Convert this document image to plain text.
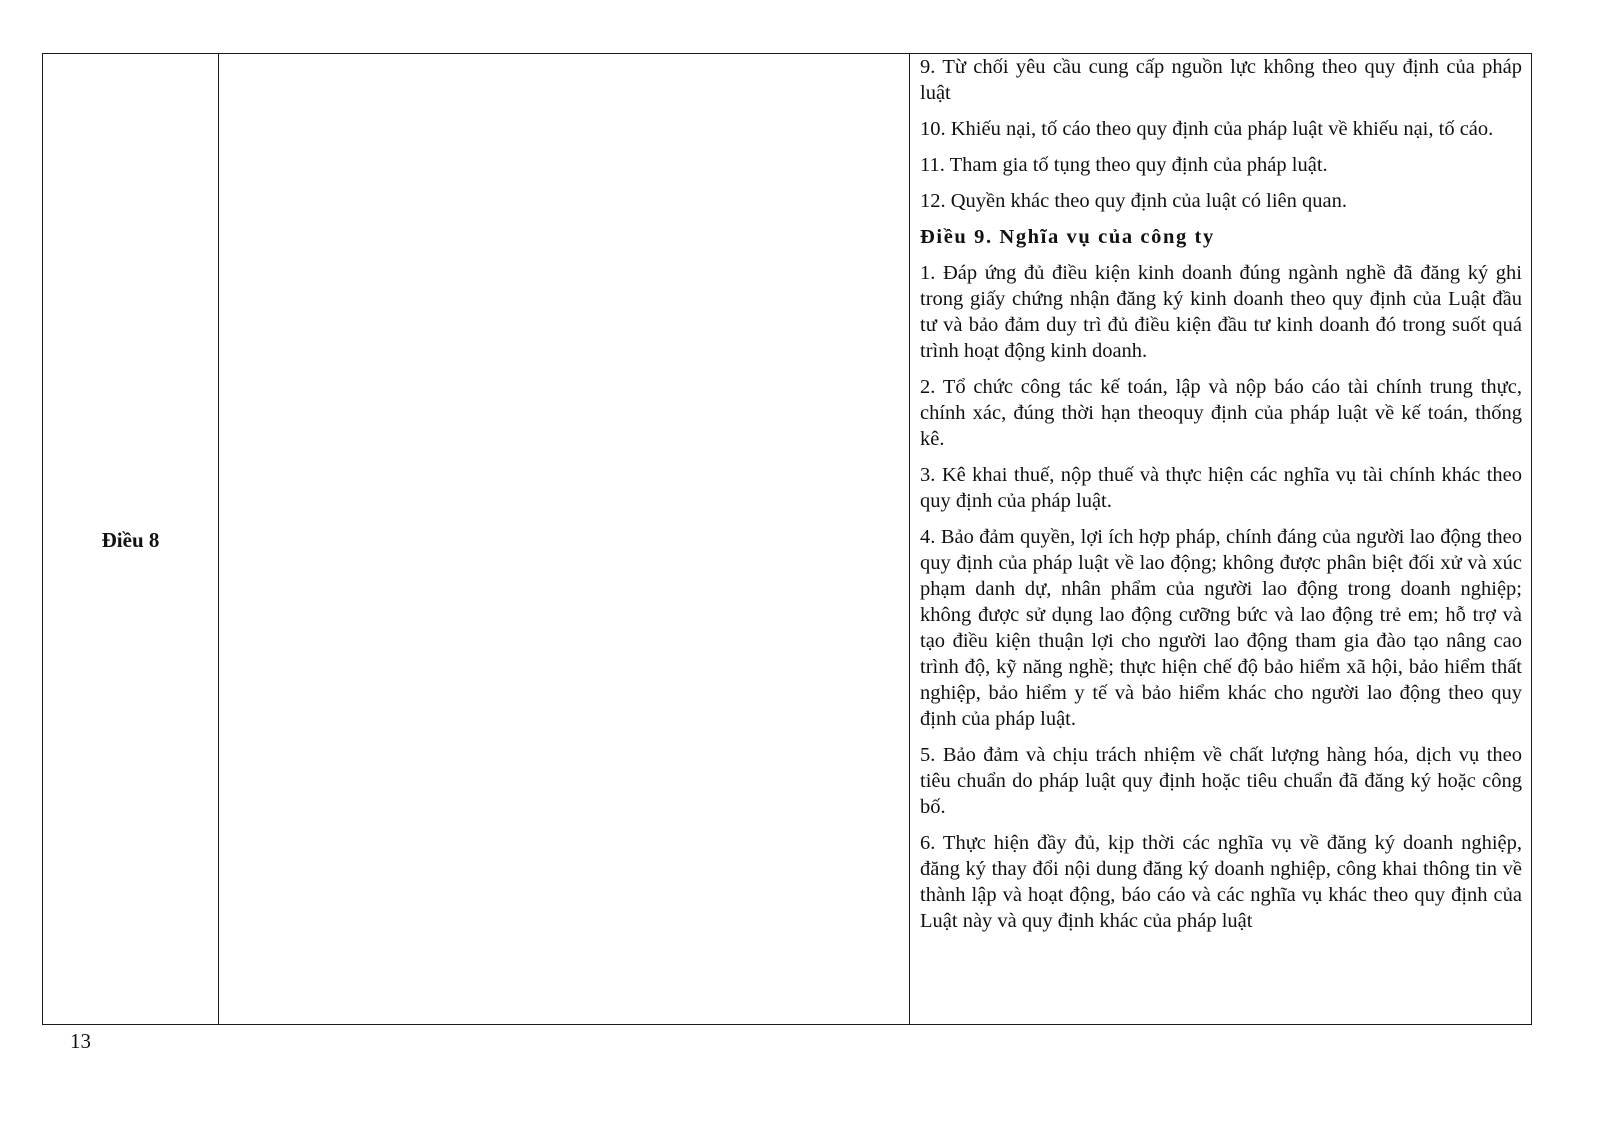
Điều 8

9. Từ chối yêu cầu cung cấp nguồn lực không theo quy định của pháp luật

10. Khiếu nại, tố cáo theo quy định của pháp luật về khiếu nại, tố cáo.

11. Tham gia tố tụng theo quy định của pháp luật.

12. Quyền khác theo quy định của luật có liên quan.

Điều 9. Nghĩa vụ của công ty

1. Đáp ứng đủ điều kiện kinh doanh đúng ngành nghề đã đăng ký ghi trong giấy chứng nhận đăng ký kinh doanh theo quy định của Luật đầu tư và bảo đảm duy trì đủ điều kiện đầu tư kinh doanh đó trong suốt quá trình hoạt động kinh doanh.

2. Tổ chức công tác kế toán, lập và nộp báo cáo tài chính trung thực, chính xác, đúng thời hạn theoquy định của pháp luật về kế toán, thống kê.

3. Kê khai thuế, nộp thuế và thực hiện các nghĩa vụ tài chính khác theo quy định của pháp luật.

4. Bảo đảm quyền, lợi ích hợp pháp, chính đáng của người lao động theo quy định của pháp luật về lao động; không được phân biệt đối xử và xúc phạm danh dự, nhân phẩm của người lao động trong doanh nghiệp; không được sử dụng lao động cưỡng bức và lao động trẻ em; hỗ trợ và tạo điều kiện thuận lợi cho người lao động tham gia đào tạo nâng cao trình độ, kỹ năng nghề; thực hiện chế độ bảo hiểm xã hội, bảo hiểm thất nghiệp, bảo hiểm y tế và bảo hiểm khác cho người lao động theo quy định của pháp luật.

5. Bảo đảm và chịu trách nhiệm về chất lượng hàng hóa, dịch vụ theo tiêu chuẩn do pháp luật quy định hoặc tiêu chuẩn đã đăng ký hoặc công bố.

6. Thực hiện đầy đủ, kịp thời các nghĩa vụ về đăng ký doanh nghiệp, đăng ký thay đổi nội dung đăng ký doanh nghiệp, công khai thông tin về thành lập và hoạt động, báo cáo và các nghĩa vụ khác theo quy định của Luật này và quy định khác của pháp luật

13
